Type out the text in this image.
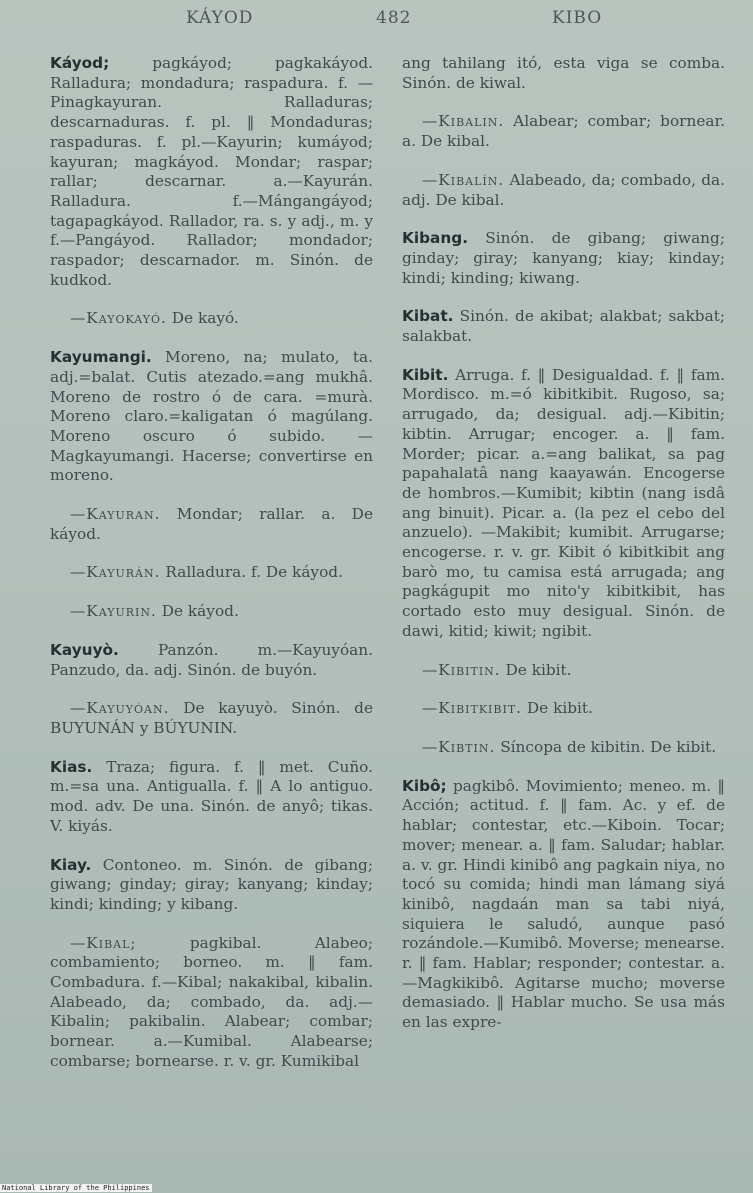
KÁYOD	482	KIBO
Káyod; pagkáyod; pagkakáyod. Ralladura; mondadura; raspadura. f. —Pinagkayuran. Ralladuras; descarnaduras. f. pl. ‖ Mondaduras; raspaduras. f. pl.—Kayurin; kumáyod; kayuran; magkáyod. Mondar; raspar; rallar; descarnar. a.—Kayurán. Ralladura. f.—Mángangáyod; tagapagkáyod. Rallador, ra. s. y adj., m. y f.—Pangáyod. Rallador; mondador; raspador; descarnador. m. Sinón. de kudkod.
—Kayokayó. De kayó.
Kayumangi. Moreno, na; mulato, ta. adj.=balat. Cutis atezado.=ang mukhâ. Moreno de rostro ó de cara. =murà. Moreno claro.=kaligatan ó magúlang. Moreno oscuro ó subido. —Magkayumangi. Hacerse; convertirse en moreno.
—Kayuran. Mondar; rallar. a. De káyod.
—Kayurán. Ralladura. f. De káyod.
—Kayurin. De káyod.
Kayuyò. Panzón. m.—Kayuyóan. Panzudo, da. adj. Sinón. de buyón.
—Kayuyóan. De kayuyò. Sinón. de BUYUNÁN y BÚYUNIN.
Kias. Traza; figura. f. ‖ met. Cuño. m.=sa una. Antigualla. f. ‖ A lo antiguo. mod. adv. De una. Sinón. de anyô; tikas. V. kiyás.
Kiay. Contoneo. m. Sinón. de gibang; giwang; ginday; giray; kanyang; kinday; kindi; kinding; y kibang.
—Kibal; pagkibal. Alabeo; combamiento; borneo. m. ‖ fam. Combadura. f.—Kibal; nakakibal, kibalin. Alabeado, da; combado, da. adj.—Kibalin; pakibalin. Alabear; combar; bornear. a.—Kumibal. Alabearse; combarse; bornearse. r. v. gr. Kumikibal
ang tahilang itó, esta viga se comba. Sinón. de kiwal.
—Kibalin. Alabear; combar; bornear. a. De kibal.
—Kibalín. Alabeado, da; combado, da. adj. De kibal.
Kibang. Sinón. de gibang; giwang; ginday; giray; kanyang; kiay; kinday; kindi; kinding; kiwang.
Kibat. Sinón. de akibat; alakbat; sakbat; salakbat.
Kibit. Arruga. f. ‖ Desigualdad. f. ‖ fam. Mordisco. m.=ó kibitkibit. Rugoso, sa; arrugado, da; desigual. adj.—Kibitin; kibtin. Arrugar; encoger. a. ‖ fam. Morder; picar. a.=ang balikat, sa pag papahalatâ nang kaayawán. Encogerse de hombros.—Kumibit; kibtin (nang isdâ ang binuit). Picar. a. (la pez el cebo del anzuelo). —Makibit; kumibit. Arrugarse; encogerse. r. v. gr. Kibit ó kibitkibit ang barò mo, tu camisa está arrugada; ang pagkágupit mo nito'y kibitkibit, has cortado esto muy desigual. Sinón. de dawi, kitid; kiwit; ngibit.
—Kibitin. De kibit.
—Kibitkibit. De kibit.
—Kibtin. Síncopa de kibitin. De kibit.
Kibô; pagkibô. Movimiento; meneo. m. ‖ Acción; actitud. f. ‖ fam. Ac. y ef. de hablar; contestar, etc.—Kiboin. Tocar; mover; menear. a. ‖ fam. Saludar; hablar. a. v. gr. Hindi kinibô ang pagkain niya, no tocó su comida; hindi man lámang siyá kinibô, nagdaán man sa tabi niyá, siquiera le saludó, aunque pasó rozándole.—Kumibô. Moverse; menearse. r. ‖ fam. Hablar; responder; contestar. a.—Magkikibô. Agitarse mucho; moverse demasiado. ‖ Hablar mucho. Se usa más en las expre-
National Library of the Philippines
